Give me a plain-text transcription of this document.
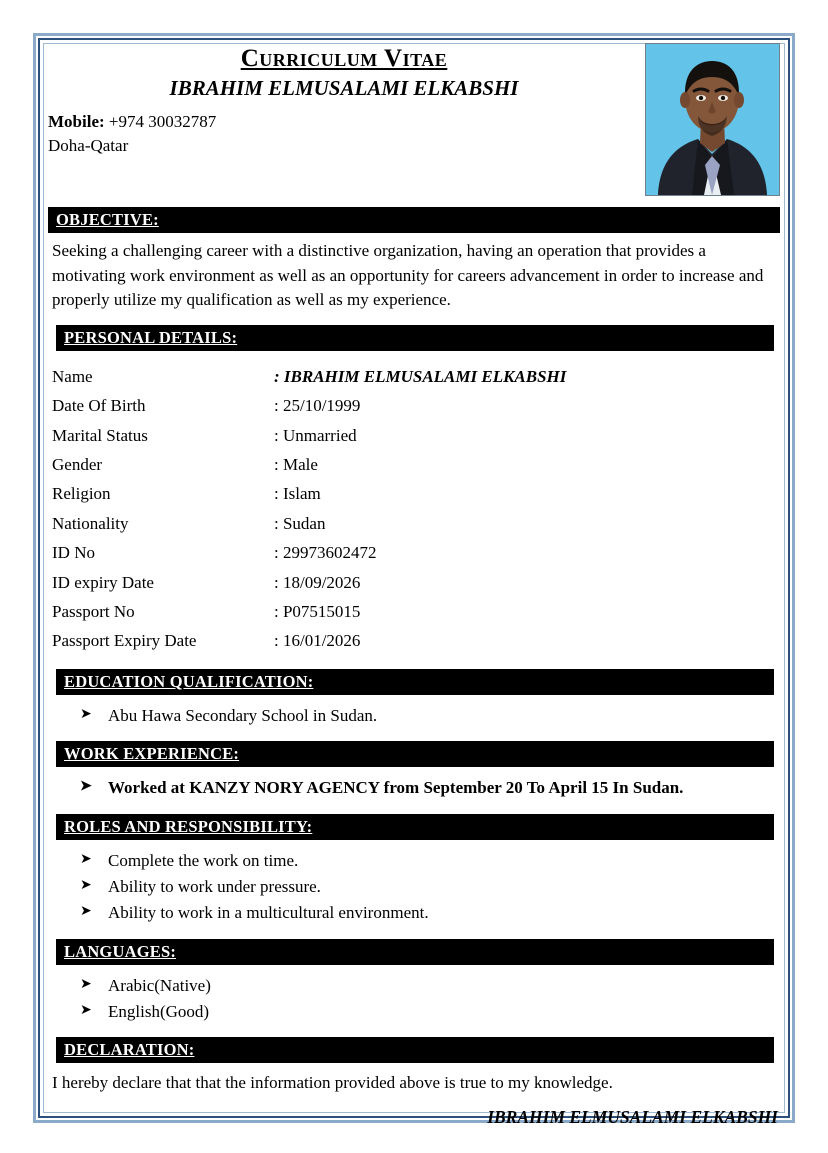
Curriculum Vitae
IBRAHIM ELMUSALAMI ELKABSHI
Mobile: +974 30032787
Doha-Qatar
OBJECTIVE:
Seeking a challenging career with a distinctive organization, having an operation that provides a motivating work environment as well as an opportunity for careers advancement in order to increase and properly utilize my qualification as well as my experience.
PERSONAL DETAILS:
Name	: IBRAHIM ELMUSALAMI ELKABSHI
Date Of Birth	: 25/10/1999
Marital Status	: Unmarried
Gender	: Male
Religion	: Islam
Nationality	: Sudan
ID No	: 29973602472
ID expiry Date	: 18/09/2026
Passport No	: P07515015
Passport Expiry Date	: 16/01/2026
EDUCATION QUALIFICATION:
➤ Abu Hawa Secondary School in Sudan.
WORK EXPERIENCE:
➤ Worked at KANZY NORY AGENCY from September 20 To April 15 In Sudan.
ROLES AND RESPONSIBILITY:
➤ Complete the work on time.
➤ Ability to work under pressure.
➤ Ability to work in a multicultural environment.
LANGUAGES:
➤ Arabic(Native)
➤ English(Good)
DECLARATION:
I hereby declare that that the information provided above is true to my knowledge.
IBRAHIM ELMUSALAMI ELKABSHI
